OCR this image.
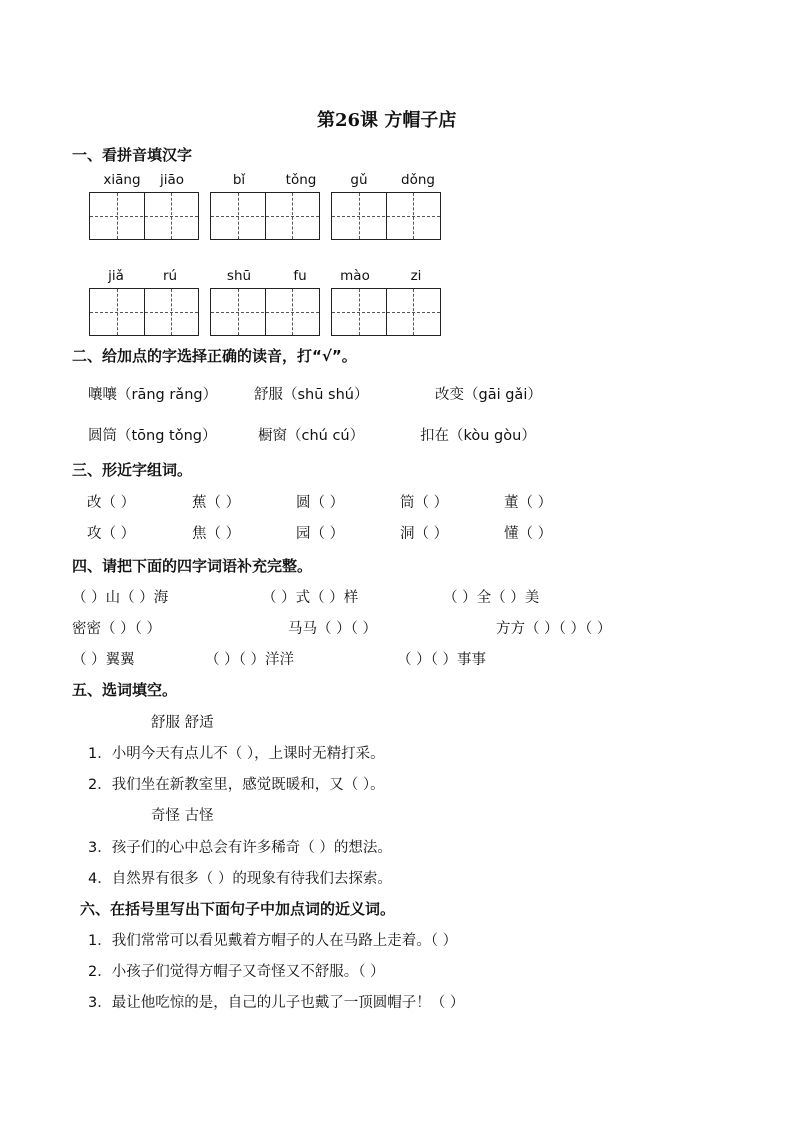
第26课 方帽子店
一、看拼音填汉字
xiāng	jiāo	bǐ	tǒng	gǔ	dǒng
jiǎ	rú	shū	fu	mào	zi
二、给加点的字选择正确的读音，打“√”。
嚷嚷（rāng rǎng）	舒服（shū shú）	改变（gāi gǎi）
圆筒（tōng tǒng）	橱窗（chú cú）	扣在（kòu gòu）
三、形近字组词。
改（ ）	蕉（ ）	圆（ ）	筒（ ）	董（ ）
攻（ ）	焦（ ）	园（ ）	洞（ ）	懂（ ）
四、请把下面的四字词语补充完整。
（ ）山（ ）海	（ ）式（ ）样	（ ）全（ ）美
密密（ ）（ ）	马马（ ）（ ）	方方（ ）（ ）（ ）
（ ）翼翼	（ ）（ ）洋洋	（ ）（ ）事事
五、选词填空。
舒服 舒适
1．小明今天有点儿不（ ），上课时无精打采。
2．我们坐在新教室里，感觉既暖和，又（ ）。
奇怪 古怪
3．孩子们的心中总会有许多稀奇（ ）的想法。
4．自然界有很多（ ）的现象有待我们去探索。
六、在括号里写出下面句子中加点词的近义词。
1．我们常常可以看见戴着方帽子的人在马路上走着。（ ）
2．小孩子们觉得方帽子又奇怪又不舒服。（ ）
3．最让他吃惊的是，自己的儿子也戴了一顶圆帽子！（ ）
